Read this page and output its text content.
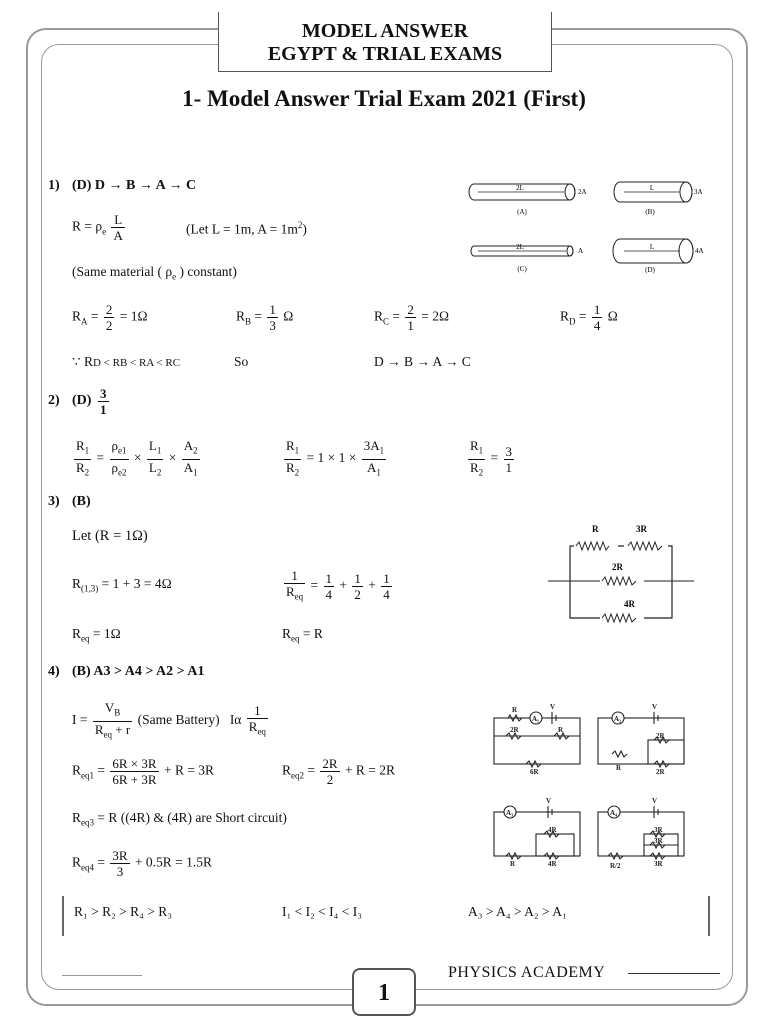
MODEL ANSWER
EGYPT & TRIAL EXAMS
1- Model Answer Trial Exam 2021 (First)
1) (D) D → B → A → C
$R = \rho_e \frac{L}{A}$	(Let L = 1m, $A = 1m^2$)
(Same material ( $\rho_e$ ) constant)
$R_A = \frac{2}{2} = 1\Omega$	$R_B = \frac{1}{3}$ Ω	$R_C = \frac{2}{1} = 2\Omega$	$R_D = \frac{1}{4}$ Ω
∵ RD < RB < RA < RC	So	D → B → A → C
2L	2A
(A)
L	3A
(B)
2L	A
(C)
L	4A
(D)
2) $(D) \frac{3}{1}$
$\frac{R_1}{R_2} = \frac{\rho_{e1}}{\rho_{e2}} \times \frac{L_1}{L_2} \times \frac{A_2}{A_1}$	$\frac{R_1}{R_2} = 1 \times 1 \times \frac{3A_1}{A_1}$	$\frac{R_1}{R_2} = \frac{3}{1}$
3) (B)
Let (R = 1Ω)
$R_{(1,3)} = 1 + 3 = 4\Omega$	$\frac{1}{R_{eq}} = \frac{1}{4} + \frac{1}{2} + \frac{1}{4}$
$R_{eq} = 1\Omega$	$R_{eq} = R$
R	3R
2R
4R
4) (B) A3 > A4 > A2 > A1
$I = \frac{V_B}{R_{eq} + r}$ (Same Battery) Iα $\frac{1}{R_{eq}}$
$R_{eq1} = \frac{6R \times 3R}{6R + 3R} + R = 3R$	$R_{eq2} = \frac{2R}{2} + R = 2R$
$R_{eq3} = R$ ((4R) & (4R) are Short circuit)
$R_{eq4} = \frac{3R}{3} + 0.5R = 1.5R$
R
A₁
V
2R	R
6R
A₂
V
2R
2R
R
A₃
V
4R
4R
R
A₄
V
3R
3R
3R
R/2
R₁ > R₂ > R₄ > R₃	I₁ < I₂ < I₄ < I₃	A₃ > A₄ > A₂ > A₁
PHYSICS ACADEMY
1
